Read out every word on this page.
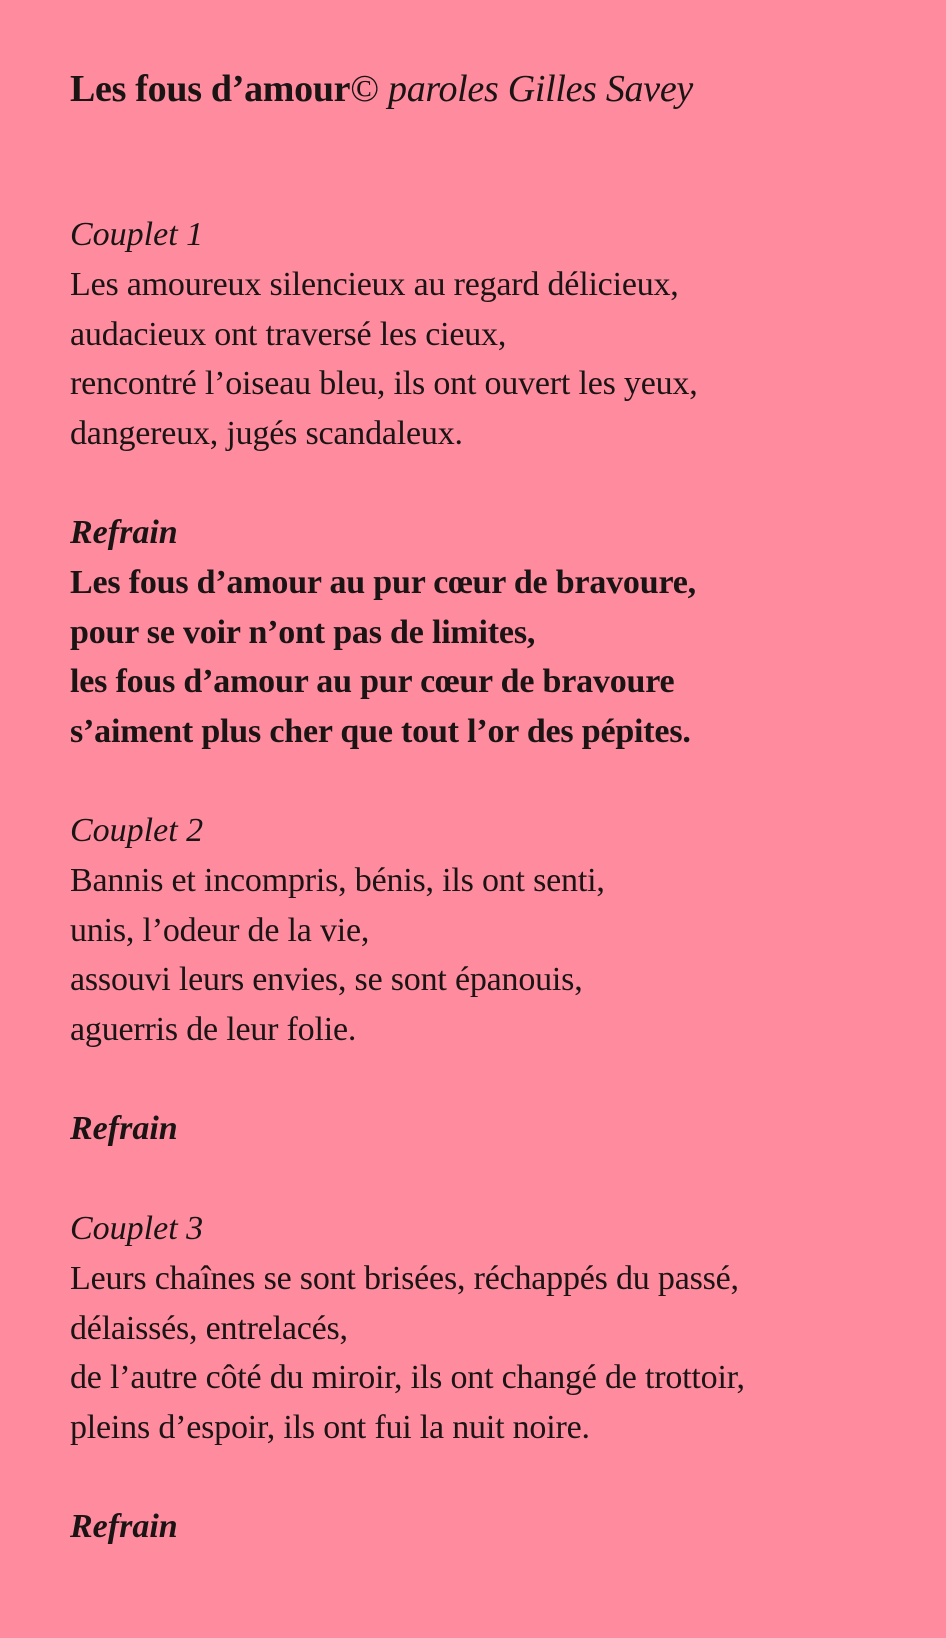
Les fous d’amour© paroles Gilles Savey
Couplet 1
Les amoureux silencieux au regard délicieux,
audacieux ont traversé les cieux,
rencontré l’oiseau bleu, ils ont ouvert les yeux,
dangereux, jugés scandaleux.
Refrain
Les fous d’amour au pur cœur de bravoure,
pour se voir n’ont pas de limites,
les fous d’amour au pur cœur de bravoure
s’aiment plus cher que tout l’or des pépites.
Couplet 2
Bannis et incompris, bénis, ils ont senti,
unis, l’odeur de la vie,
assouvi leurs envies, se sont épanouis,
aguerris de leur folie.
Refrain
Couplet 3
Leurs chaînes se sont brisées, réchappés du passé,
délaissés, entrelacés,
de l’autre côté du miroir, ils ont changé de trottoir,
pleins d’espoir, ils ont fui la nuit noire.
Refrain
